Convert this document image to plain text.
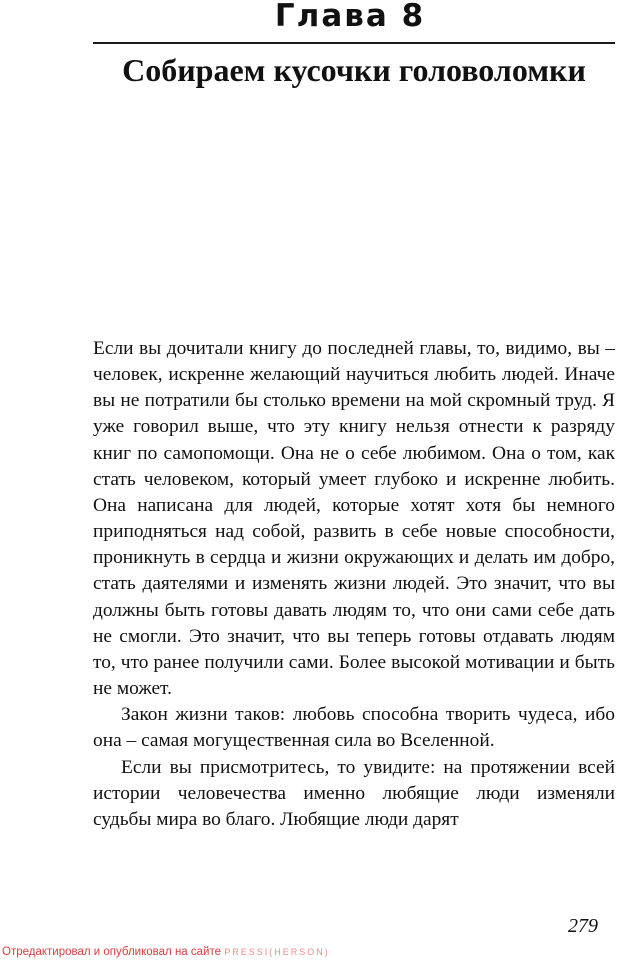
Глава 8
Собираем кусочки головоломки

Если вы дочитали книгу до последней главы, то, видимо, вы – человек, искренне желающий научиться любить людей. Иначе вы не потратили бы столько времени на мой скромный труд. Я уже говорил выше, что эту книгу нельзя отнести к разряду книг по самопомощи. Она не о себе любимом. Она о том, как стать человеком, который умеет глубоко и искренне любить. Она написана для людей, которые хотят хотя бы немного приподняться над собой, развить в себе новые способности, проникнуть в сердца и жизни окружающих и делать им добро, стать даятелями и изменять жизни людей. Это значит, что вы должны быть готовы давать людям то, что они сами себе дать не смогли. Это значит, что вы теперь готовы отдавать людям то, что ранее получили сами. Более высокой мотивации и быть не может.

Закон жизни таков: любовь способна творить чудеса, ибо она – самая могущественная сила во Вселенной.

Если вы присмотритесь, то увидите: на протяжении всей истории человечества именно любящие люди изменяли судьбы мира во благо. Любящие люди дарят

279
Отредактировал и опубликовал на сайте PRESSI(HERSON)
